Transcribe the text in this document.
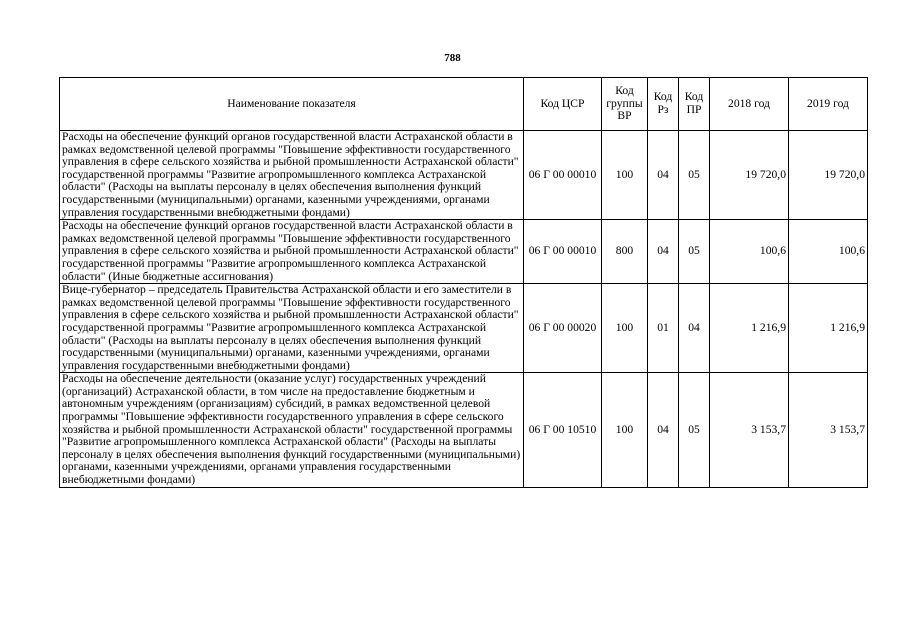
788
Наименование показателя	Код ЦСР	Код группы ВР	Код Рз	Код ПР	2018 год	2019 год
Расходы на обеспечение функций органов государственной власти Астраханской области в рамках ведомственной целевой программы "Повышение эффективности государственного управления в сфере сельского хозяйства и рыбной промышленности Астраханской области" государственной программы "Развитие агропромышленного комплекса Астраханской области" (Расходы на выплаты персоналу в целях обеспечения выполнения функций государственными (муниципальными) органами, казенными учреждениями, органами управления государственными внебюджетными фондами)	06 Г 00 00010	100	04	05	19 720,0	19 720,0
Расходы на обеспечение функций органов государственной власти Астраханской области в рамках ведомственной целевой программы "Повышение эффективности государственного управления в сфере сельского хозяйства и рыбной промышленности Астраханской области" государственной программы "Развитие агропромышленного комплекса Астраханской области" (Иные бюджетные ассигнования)	06 Г 00 00010	800	04	05	100,6	100,6
Вице-губернатор – председатель Правительства Астраханской области и его заместители в рамках ведомственной целевой программы "Повышение эффективности государственного управления в сфере сельского хозяйства и рыбной промышленности Астраханской области" государственной программы "Развитие агропромышленного комплекса Астраханской области" (Расходы на выплаты персоналу в целях обеспечения выполнения функций государственными (муниципальными) органами, казенными учреждениями, органами управления государственными внебюджетными фондами)	06 Г 00 00020	100	01	04	1 216,9	1 216,9
Расходы на обеспечение деятельности (оказание услуг) государственных учреждений (организаций) Астраханской области, в том числе на предоставление бюджетным и автономным учреждениям (организациям) субсидий, в рамках ведомственной целевой программы "Повышение эффективности государственного управления в сфере сельского хозяйства и рыбной промышленности Астраханской области" государственной программы "Развитие агропромышленного комплекса Астраханской области" (Расходы на выплаты персоналу в целях обеспечения выполнения функций государственными (муниципальными) органами, казенными учреждениями, органами управления государственными внебюджетными фондами)	06 Г 00 10510	100	04	05	3 153,7	3 153,7
